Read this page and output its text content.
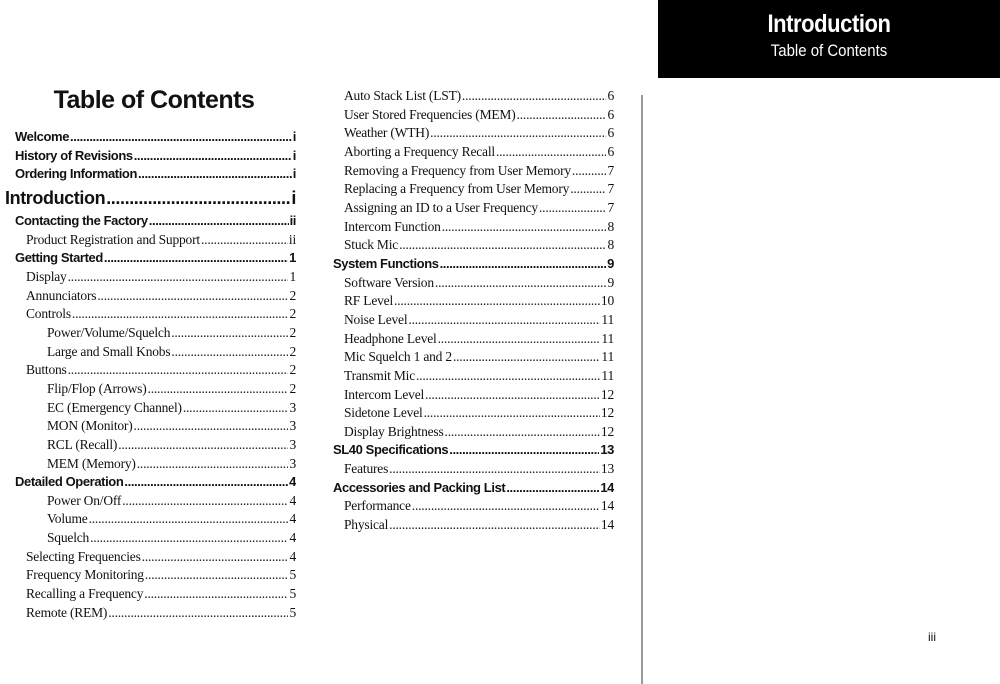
Introduction
Table of Contents
Table of Contents
Welcome .....	i
History of Revisions .....	i
Ordering Information .....	i
Introduction .....	i
Contacting the Factory .....	ii
Product Registration and Support .....	ii
Getting Started .....	1
Display .....	1
Annunciators .....	2
Controls .....	2
Power/Volume/Squelch .....	2
Large and Small Knobs .....	2
Buttons .....	2
Flip/Flop (Arrows) .....	2
EC (Emergency Channel) .....	3
MON (Monitor) .....	3
RCL (Recall) .....	3
MEM (Memory) .....	3
Detailed Operation .....	4
Power On/Off .....	4
Volume .....	4
Squelch .....	4
Selecting Frequencies .....	4
Frequency Monitoring .....	5
Recalling a Frequency .....	5
Remote (REM) .....	5
Auto Stack List (LST) .....	6
User Stored Frequencies (MEM) .....	6
Weather (WTH) .....	6
Aborting a Frequency Recall .....	6
Removing a Frequency from User Memory .....	7
Replacing a Frequency from User Memory .....	7
Assigning an ID to a User Frequency .....	7
Intercom Function .....	8
Stuck Mic .....	8
System Functions .....	9
Software Version .....	9
RF Level .....	10
Noise Level .....	11
Headphone Level .....	11
Mic Squelch 1 and 2 .....	11
Transmit Mic .....	11
Intercom Level .....	12
Sidetone Level .....	12
Display Brightness .....	12
SL40 Specifications .....	13
Features .....	13
Accessories and Packing List .....	14
Performance .....	14
Physical .....	14
iii
